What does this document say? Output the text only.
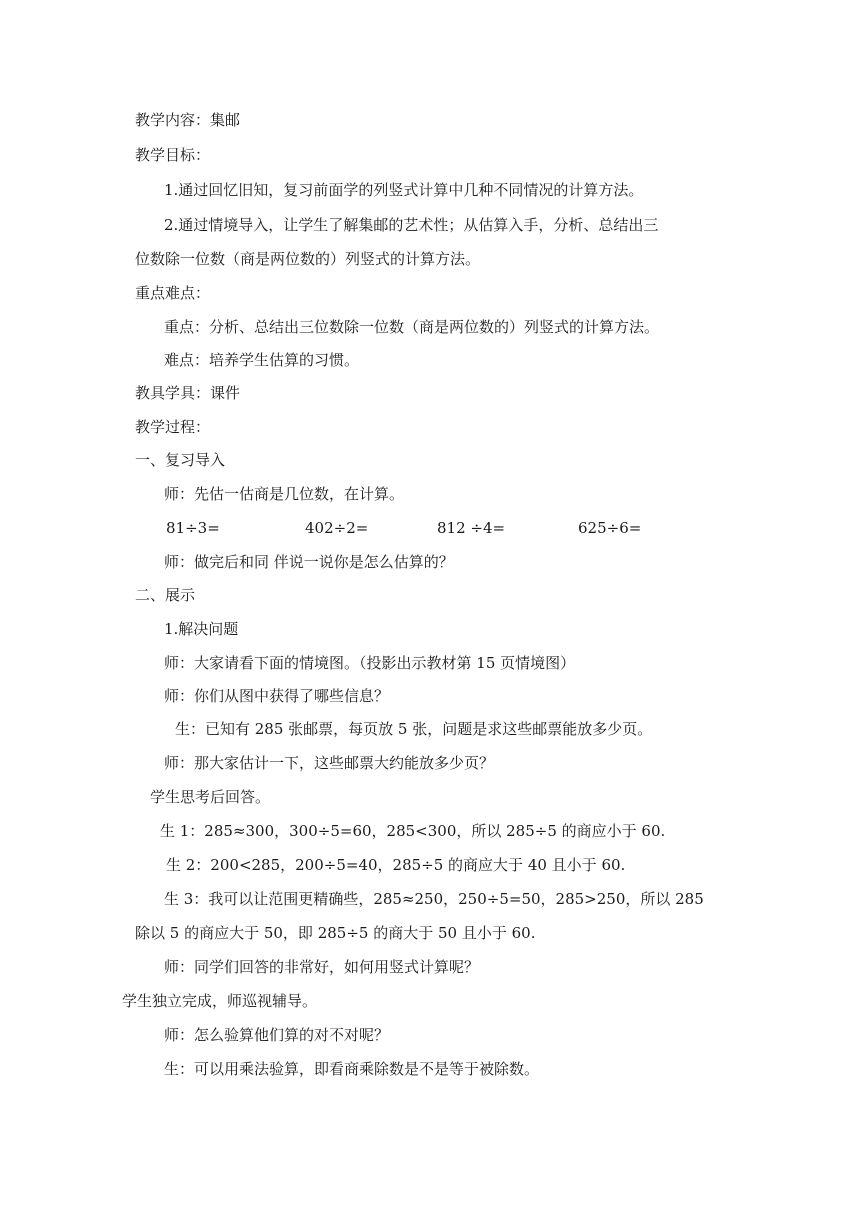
教学内容：集邮
教学目标：
1.通过回忆旧知，复习前面学的列竖式计算中几种不同情况的计算方法。
2.通过情境导入，让学生了解集邮的艺术性；从估算入手，分析、总结出三
位数除一位数（商是两位数的）列竖式的计算方法。
重点难点：
重点：分析、总结出三位数除一位数（商是两位数的）列竖式的计算方法。
难点：培养学生估算的习惯。
教具学具：课件
教学过程：
一、复习导入
师：先估一估商是几位数，在计算。
81÷3=	402÷2=	812 ÷4=	625÷6=
师：做完后和同 伴说一说你是怎么估算的？
二、展示
1.解决问题
师：大家请看下面的情境图。（投影出示教材第 15 页情境图）
师：你们从图中获得了哪些信息？
生：已知有 285 张邮票，每页放 5 张，问题是求这些邮票能放多少页。
师：那大家估计一下，这些邮票大约能放多少页？
学生思考后回答。
生 1：285≈300，300÷5=60，285<300，所以 285÷5 的商应小于 60.
生 2：200<285，200÷5=40，285÷5 的商应大于 40 且小于 60.
生 3：我可以让范围更精确些，285≈250，250÷5=50，285>250，所以 285
除以 5 的商应大于 50，即 285÷5 的商大于 50 且小于 60.
师：同学们回答的非常好，如何用竖式计算呢？
学生独立完成，师巡视辅导。
师：怎么验算他们算的对不对呢？
生：可以用乘法验算，即看商乘除数是不是等于被除数。
